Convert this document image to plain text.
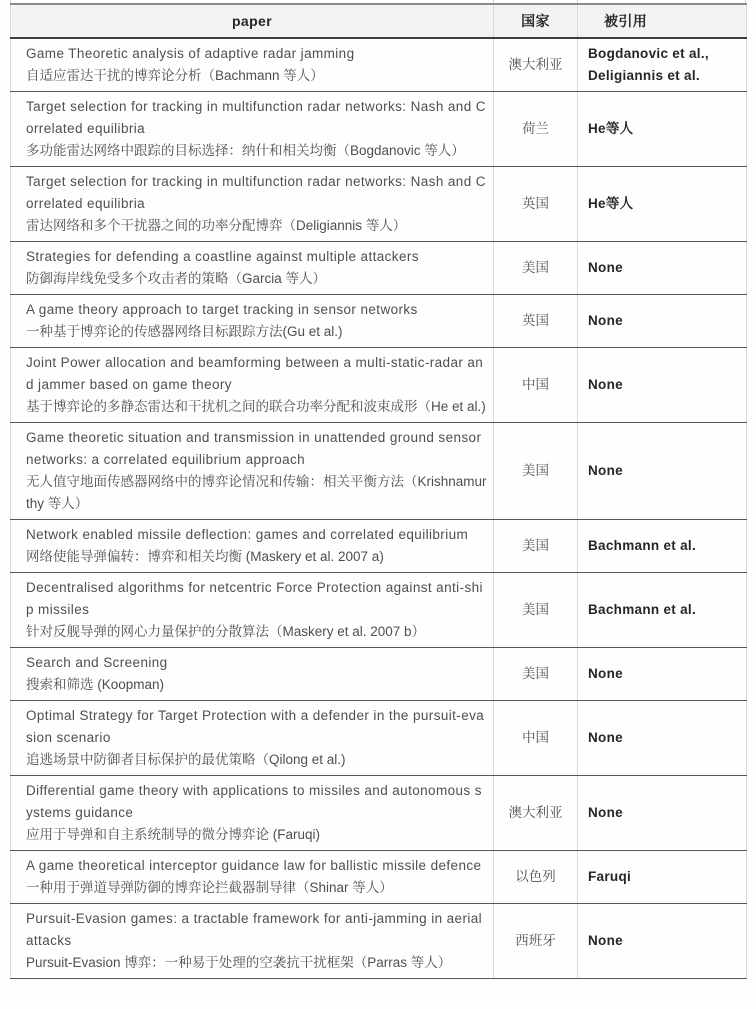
paper	国家	被引用

Game Theoretic analysis of adaptive radar jamming
自适应雷达干扰的博弈论分析（Bachmann 等人）	澳大利亚	Bogdanovic et al., Deligiannis et al.

Target selection for tracking in multifunction radar networks: Nash and Correlated equilibria
多功能雷达网络中跟踪的目标选择：纳什和相关均衡（Bogdanovic 等人）	荷兰	He等人

Target selection for tracking in multifunction radar networks: Nash and Correlated equilibria
雷达网络和多个干扰器之间的功率分配博弈（Deligiannis 等人）	英国	He等人

Strategies for defending a coastline against multiple attackers
防御海岸线免受多个攻击者的策略（Garcia 等人）	美国	None

A game theory approach to target tracking in sensor networks
一种基于博弈论的传感器网络目标跟踪方法(Gu et al.)	英国	None

Joint Power allocation and beamforming between a multi-static-radar and jammer based on game theory
基于博弈论的多静态雷达和干扰机之间的联合功率分配和波束成形（He et al.)	中国	None

Game theoretic situation and transmission in unattended ground sensor networks: a correlated equilibrium approach
无人值守地面传感器网络中的博弈论情况和传输：相关平衡方法（Krishnamurthy 等人）	美国	None

Network enabled missile deflection: games and correlated equilibrium
网络使能导弹偏转：博弈和相关均衡 (Maskery et al. 2007 a)	美国	Bachmann et al.

Decentralised algorithms for netcentric Force Protection against anti-ship missiles
针对反舰导弹的网心力量保护的分散算法（Maskery et al. 2007 b）	美国	Bachmann et al.

Search and Screening
搜索和筛选 (Koopman)	美国	None

Optimal Strategy for Target Protection with a defender in the pursuit-evasion scenario
追逃场景中防御者目标保护的最优策略（Qilong et al.)	中国	None

Differential game theory with applications to missiles and autonomous systems guidance
应用于导弹和自主系统制导的微分博弈论 (Faruqi)	澳大利亚	None

A game theoretical interceptor guidance law for ballistic missile defence
一种用于弹道导弹防御的博弈论拦截器制导律（Shinar 等人）	以色列	Faruqi

Pursuit-Evasion games: a tractable framework for anti-jamming in aerial attacks
Pursuit-Evasion 博弈：一种易于处理的空袭抗干扰框架（Parras 等人）	西班牙	None
